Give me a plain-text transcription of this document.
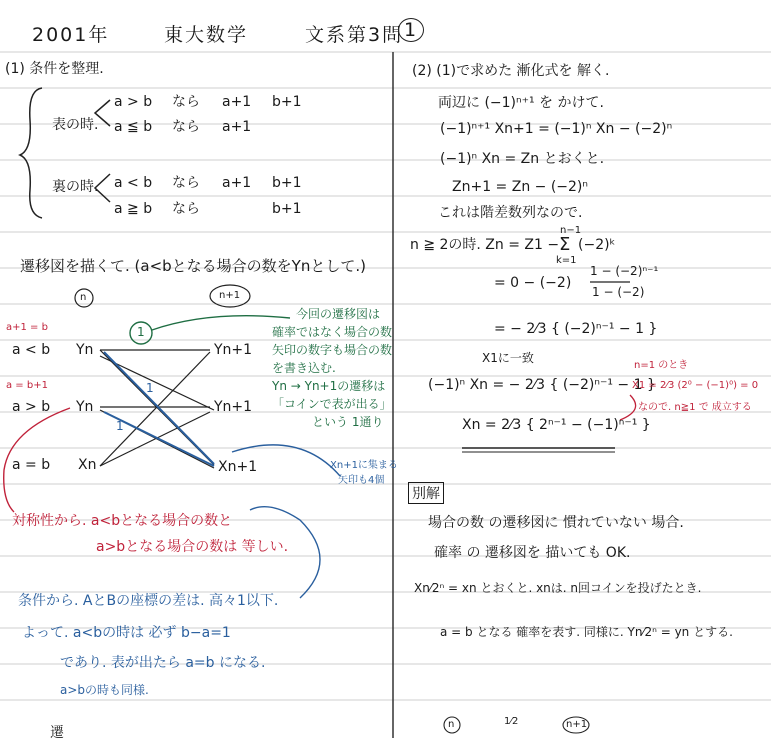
2001年	東大数学	文系第3問 1
(1) 条件を整理.
表の時.
裏の時.
a > b なら a+1 b+1
a ≦ b なら a+1
a < b なら a+1 b+1
a ≧ b なら	b+1
遷移図を描くて. (a<bとなる場合の数をYnとして.)
n	n+1
a+1 = b
a = b+1
a < b
a > b
a = b
Yn
Yn
Xn
Yn+1
Yn+1
Xn+1
1
1
1
今回の遷移図は
確率ではなく場合の数
矢印の数字も場合の数
を書き込む.
Yn → Yn+1の遷移は
「コインで表が出る」
という 1通り
Xn+1に集まる
矢印も4個
対称性から. a<bとなる場合の数と
a>bとなる場合の数は 等しい.
条件から. AとBの座標の差は. 高々1以下.
よって. a<bの時は 必ず b−a=1
であり. 表が出たら a=b になる.
a>bの時も同様.
遷
(2) (1)で求めた 漸化式を 解く.
両辺に (−1)ⁿ⁺¹ を かけて.
(−1)ⁿ⁺¹ Xn+1 = (−1)ⁿ Xn − (−2)ⁿ
(−1)ⁿ Xn = Zn とおくと.
Zn+1 = Zn − (−2)ⁿ
これは階差数列なので.
n ≧ 2の時. Zn = Z1 −
n−1
Σ
k=1
(−2)ᵏ
= 0 − (−2)
1 − (−2)ⁿ⁻¹
1 − (−2)
= − 2⁄3 { (−2)ⁿ⁻¹ − 1 }
X1に一致
(−1)ⁿ Xn = − 2⁄3 { (−2)ⁿ⁻¹ − 1 }
Xn = 2⁄3 { 2ⁿ⁻¹ − (−1)ⁿ⁻¹ }
n=1 のとき
X1 = 2⁄3 (2⁰ − (−1)⁰) = 0
なので. n≧1 で 成立する
別解
場合の数 の遷移図に 慣れていない 場合.
確率 の 遷移図を 描いても OK.
Xn⁄2ⁿ = xn とおくと. xnは. n回コインを投げたとき.
a = b となる 確率を表す. 同様に. Yn⁄2ⁿ = yn とする.
n	1⁄2	n+1
